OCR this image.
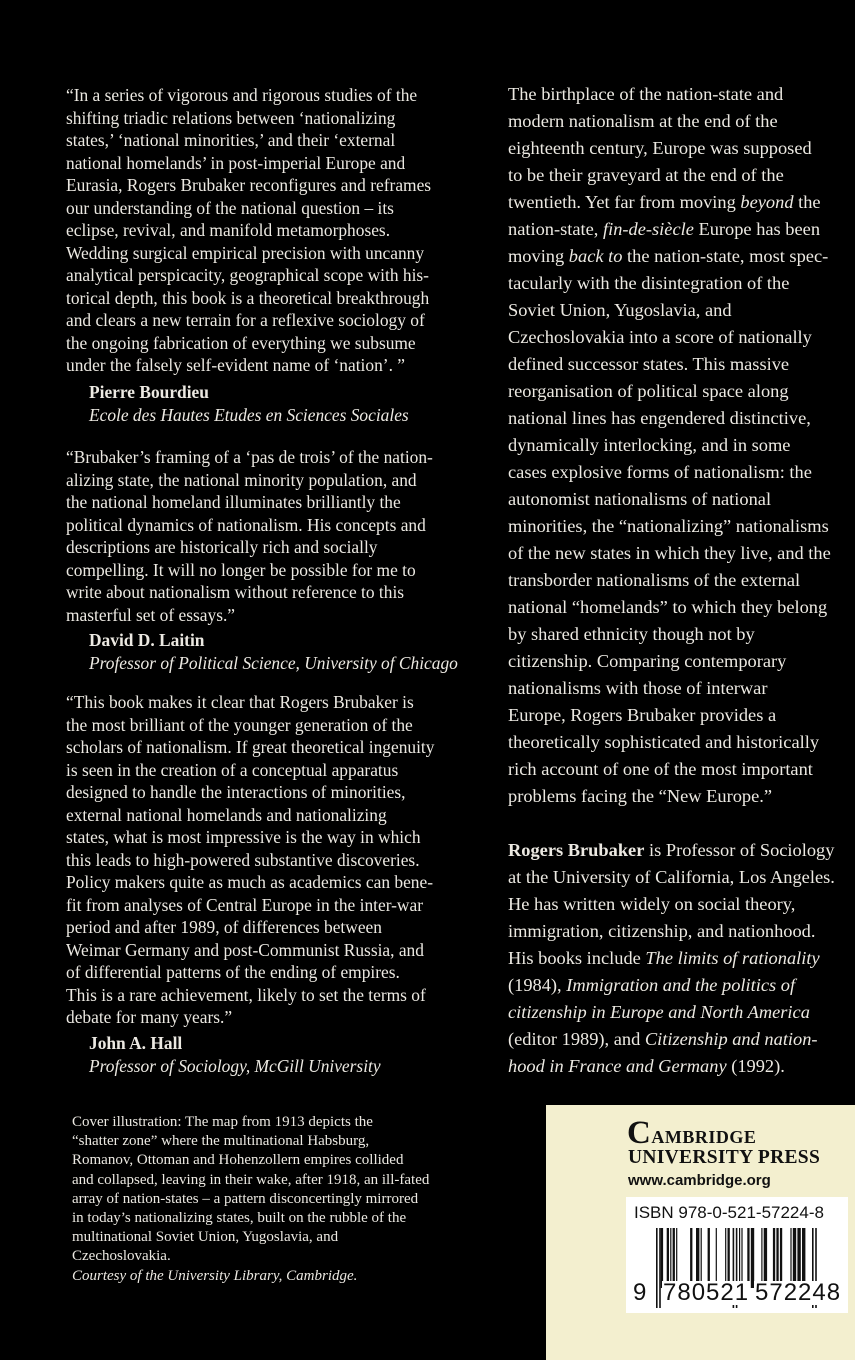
“In a series of vigorous and rigorous studies of the
shifting triadic relations between ‘nationalizing
states,’ ‘national minorities,’ and their ‘external
national homelands’ in post-imperial Europe and
Eurasia, Rogers Brubaker reconfigures and reframes
our understanding of the national question – its
eclipse, revival, and manifold metamorphoses.
Wedding surgical empirical precision with uncanny
analytical perspicacity, geographical scope with his-
torical depth, this book is a theoretical breakthrough
and clears a new terrain for a reflexive sociology of
the ongoing fabrication of everything we subsume
under the falsely self-evident name of ‘nation’. ”
Pierre Bourdieu
Ecole des Hautes Etudes en Sciences Sociales
“Brubaker’s framing of a ‘pas de trois’ of the nation-
alizing state, the national minority population, and
the national homeland illuminates brilliantly the
political dynamics of nationalism. His concepts and
descriptions are historically rich and socially
compelling. It will no longer be possible for me to
write about nationalism without reference to this
masterful set of essays.”
David D. Laitin
Professor of Political Science, University of Chicago
“This book makes it clear that Rogers Brubaker is
the most brilliant of the younger generation of the
scholars of nationalism. If great theoretical ingenuity
is seen in the creation of a conceptual apparatus
designed to handle the interactions of minorities,
external national homelands and nationalizing
states, what is most impressive is the way in which
this leads to high-powered substantive discoveries.
Policy makers quite as much as academics can bene-
fit from analyses of Central Europe in the inter-war
period and after 1989, of differences between
Weimar Germany and post-Communist Russia, and
of differential patterns of the ending of empires.
This is a rare achievement, likely to set the terms of
debate for many years.”
John A. Hall
Professor of Sociology, McGill University
Cover illustration: The map from 1913 depicts the
“shatter zone” where the multinational Habsburg,
Romanov, Ottoman and Hohenzollern empires collided
and collapsed, leaving in their wake, after 1918, an ill-fated
array of nation-states – a pattern disconcertingly mirrored
in today’s nationalizing states, built on the rubble of the
multinational Soviet Union, Yugoslavia, and
Czechoslovakia.
Courtesy of the University Library, Cambridge.
The birthplace of the nation-state and
modern nationalism at the end of the
eighteenth century, Europe was supposed
to be their graveyard at the end of the
twentieth. Yet far from moving beyond the
nation-state, fin-de-siècle Europe has been
moving back to the nation-state, most spec-
tacularly with the disintegration of the
Soviet Union, Yugoslavia, and
Czechoslovakia into a score of nationally
defined successor states. This massive
reorganisation of political space along
national lines has engendered distinctive,
dynamically interlocking, and in some
cases explosive forms of nationalism: the
autonomist nationalisms of national
minorities, the “nationalizing” nationalisms
of the new states in which they live, and the
transborder nationalisms of the external
national “homelands” to which they belong
by shared ethnicity though not by
citizenship. Comparing contemporary
nationalisms with those of interwar
Europe, Rogers Brubaker provides a
theoretically sophisticated and historically
rich account of one of the most important
problems facing the “New Europe.”
Rogers Brubaker is Professor of Sociology
at the University of California, Los Angeles.
He has written widely on social theory,
immigration, citizenship, and nationhood.
His books include The limits of rationality
(1984), Immigration and the politics of
citizenship in Europe and North America
(editor 1989), and Citizenship and nation-
hood in France and Germany (1992).
Cambridge
UNIVERSITY PRESS
www.cambridge.org
ISBN 978-0-521-57224-8
9 780521 572248
